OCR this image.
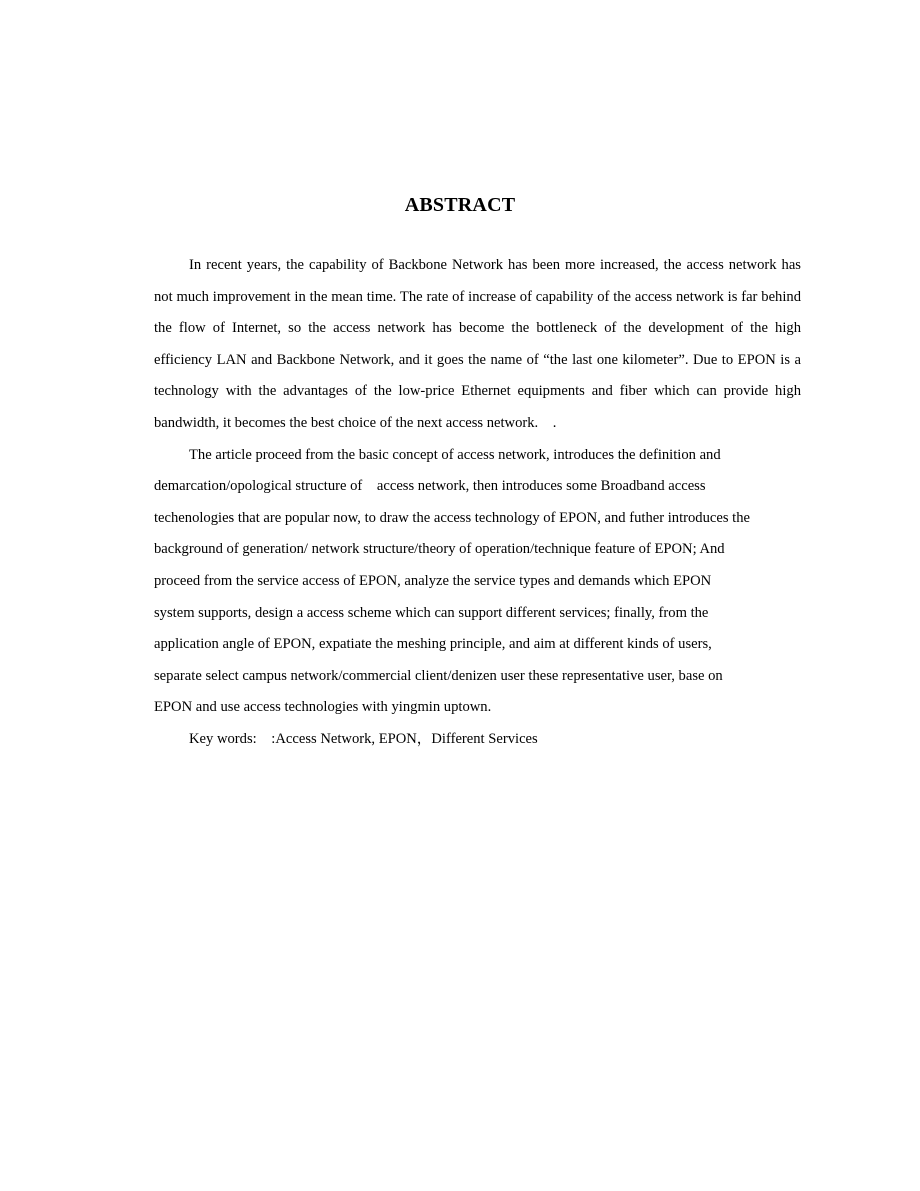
ABSTRACT

In recent years, the capability of Backbone Network has been more increased, the access network has not much improvement in the mean time. The rate of increase of capability of the access network is far behind the flow of Internet, so the access network has become the bottleneck of the development of the high efficiency LAN and Backbone Network, and it goes the name of “the last one kilometer”. Due to EPON is a technology with the advantages of the low-price Ethernet equipments and fiber which can provide high bandwidth, it becomes the best choice of the next access network.　.

The article proceed from the basic concept of access network, introduces the definition and
demarcation/opological structure of　access network, then introduces some Broadband access
techenologies that are popular now, to draw the access technology of EPON, and futher introduces the
background of generation/ network structure/theory of operation/technique feature of EPON; And
proceed from the service access of EPON, analyze the service types and demands which EPON
system supports, design a access scheme which can support different services; finally, from the
application angle of EPON, expatiate the meshing principle, and aim at different kinds of users,
separate select campus network/commercial client/denizen user these representative user, base on
EPON and use access technologies with yingmin uptown.

Key words:　:Access Network, EPON，Different Services
